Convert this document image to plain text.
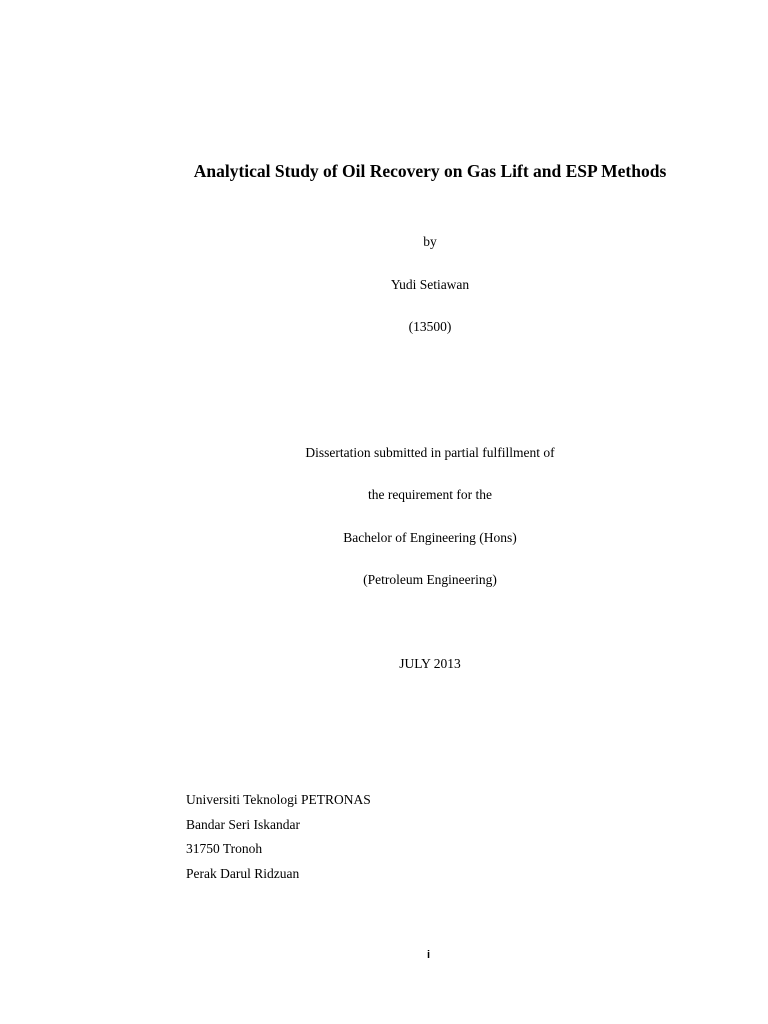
Analytical Study of Oil Recovery on Gas Lift and ESP Methods
by
Yudi Setiawan
(13500)
Dissertation submitted in partial fulfillment of
the requirement for the
Bachelor of Engineering (Hons)
(Petroleum Engineering)
JULY 2013
Universiti Teknologi PETRONAS
Bandar Seri Iskandar
31750 Tronoh
Perak Darul Ridzuan
i
